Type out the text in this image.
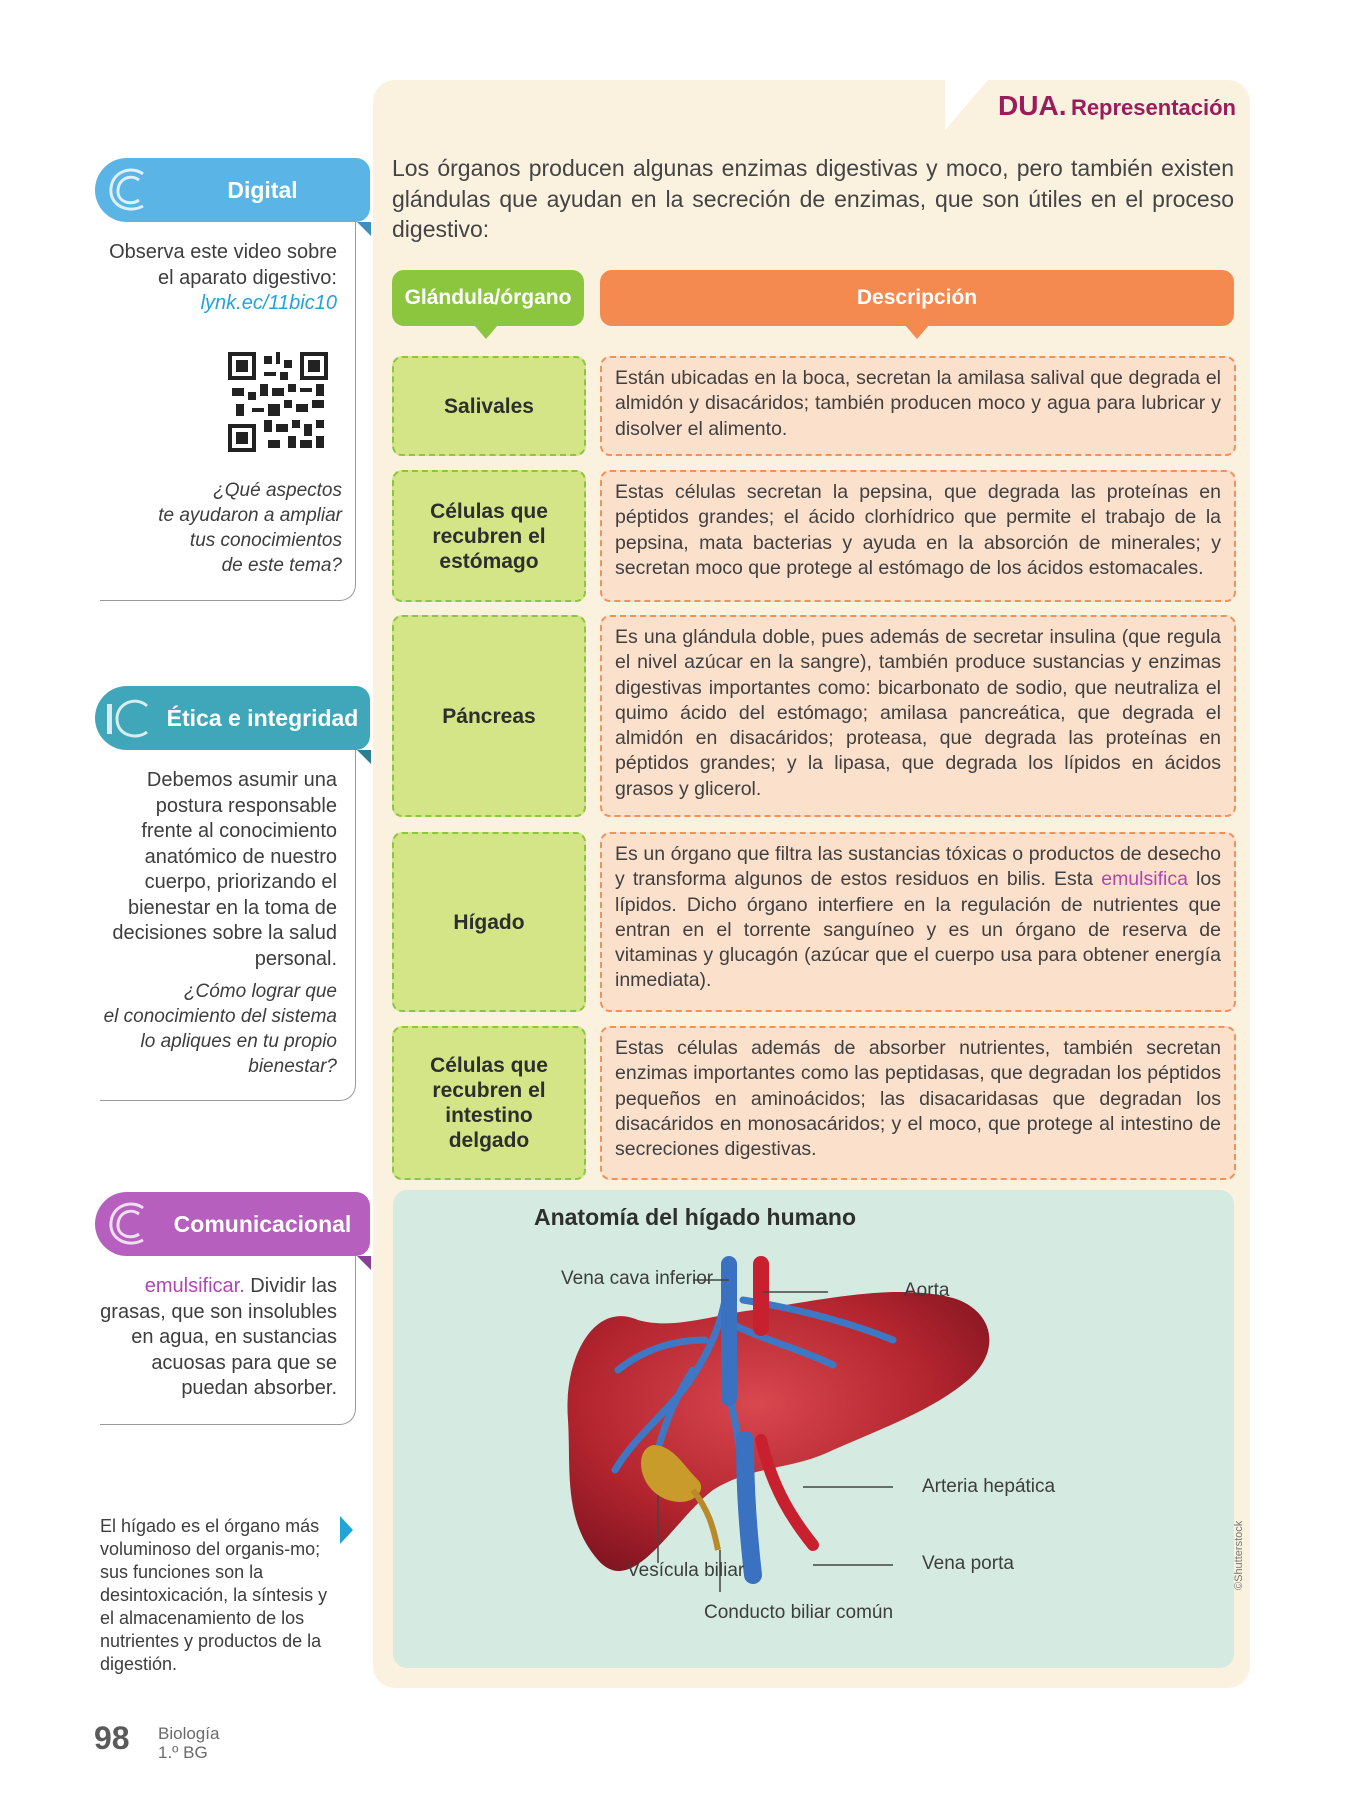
DUA. Representación
Los órganos producen algunas enzimas digestivas y moco, pero también existen glándulas que ayudan en la secreción de enzimas, que son útiles en el proceso digestivo:
Glándula/órgano	Descripción
Salivales
Están ubicadas en la boca, secretan la amilasa salival que degrada el almidón y disacáridos; también producen moco y agua para lubricar y disolver el alimento.
Células que recubren el estómago
Estas células secretan la pepsina, que degrada las proteínas en péptidos grandes; el ácido clorhídrico que permite el trabajo de la pepsina, mata bacterias y ayuda en la absorción de minerales; y secretan moco que protege al estómago de los ácidos estomacales.
Páncreas
Es una glándula doble, pues además de secretar insulina (que regula el nivel azúcar en la sangre), también produce sustancias y enzimas digestivas importantes como: bicarbonato de sodio, que neutraliza el quimo ácido del estómago; amilasa pancreática, que degrada el almidón en disacáridos; proteasa, que degrada las proteínas en péptidos grandes; y la lipasa, que degrada los lípidos en ácidos grasos y glicerol.
Hígado
Es un órgano que filtra las sustancias tóxicas o productos de desecho y transforma algunos de estos residuos en bilis. Esta emulsifica los lípidos. Dicho órgano interfiere en la regulación de nutrientes que entran en el torrente sanguíneo y es un órgano de reserva de vitaminas y glucagón (azúcar que el cuerpo usa para obtener energía inmediata).
Células que recubren el intestino delgado
Estas células además de absorber nutrientes, también secretan enzimas importantes como las peptidasas, que degradan los péptidos pequeños en aminoácidos; las disacaridasas que degradan los disacáridos en monosacáridos; y el moco, que protege al intestino de secreciones digestivas.
Anatomía del hígado humano
Vena cava inferior
Aorta
Arteria hepática
Vena porta
Vesícula biliar
Conducto biliar común
©Shutterstock
Digital
Observa este video sobre
el aparato digestivo:
lynk.ec/11bic10
¿Qué aspectos
te ayudaron a ampliar
tus conocimientos
de este tema?
Ética e integridad
Debemos asumir una
postura responsable
frente al conocimiento
anatómico de nuestro
cuerpo, priorizando el
bienestar en la toma de
decisiones sobre la salud
personal.
¿Cómo lograr que
el conocimiento del sistema
lo apliques en tu propio
bienestar?
Comunicacional
emulsificar. Dividir las
grasas, que son insolubles
en agua, en sustancias
acuosas para que se
puedan absorber.
El hígado es el órgano más voluminoso del organis-mo; sus funciones son la desintoxicación, la síntesis y el almacenamiento de los nutrientes y productos de la digestión.
98 Biología
1.º BG
